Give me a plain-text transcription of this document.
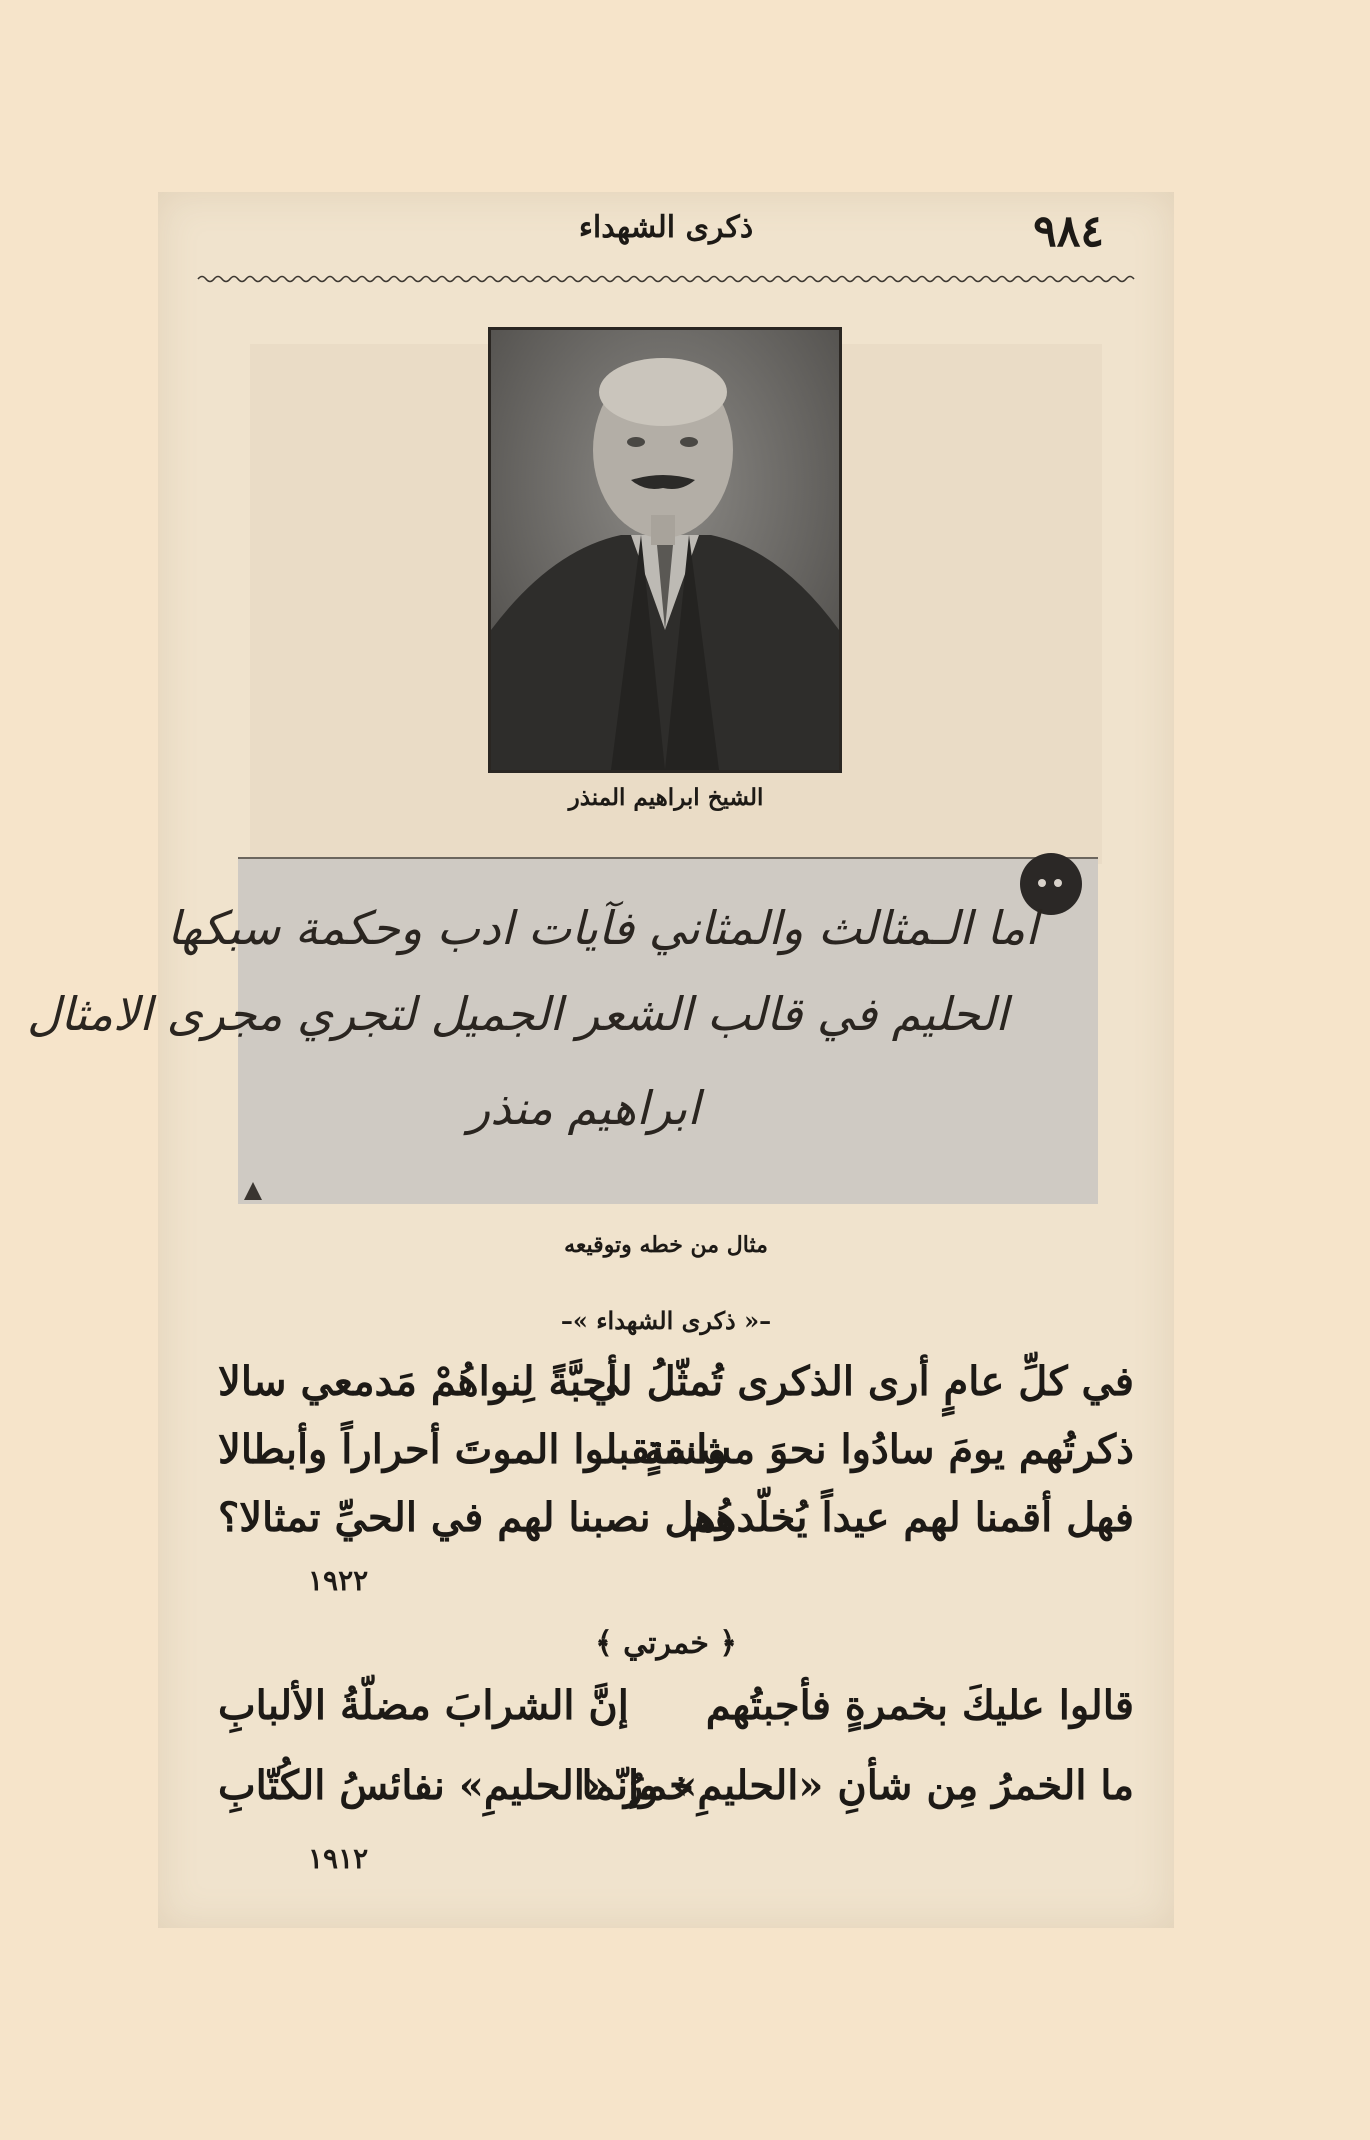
٩٨٤
ذكرى الشهداء
الشيخ ابراهيم المنذر
اما الـمثالث والمثاني فآيات ادب وحكمة سبكها
الحليم في قالب الشعر الجميل لتجري مجرى الامثال
ابراهيم منذر
مثال من خطه وتوقيعه
–« ذكرى الشهداء »–
في كلِّ عامٍ أرى الذكرى تُمثّلُ لي
أحبَّةً لِنواهُمْ مَدمعي سالا
ذكرتُهم يومَ سادُوا نحوَ مشنقةٍ
واستقبلوا الموتَ أحراراً وأبطالا
فهل أقمنا لهم عيداً يُخلّدهُم
وهل نصبنا لهم في الحيِّ تمثالا؟
١٩٢٢
﴿ خمرتي ﴾
قالوا عليكَ بخمرةٍ فأجبتُهم
إنَّ الشرابَ مضلّةُ الألبابِ
ما الخمرُ مِن شأنِ «الحليمِ» وإنّما
خمرُ «الحليمِ» نفائسُ الكُتّابِ
١٩١٢
